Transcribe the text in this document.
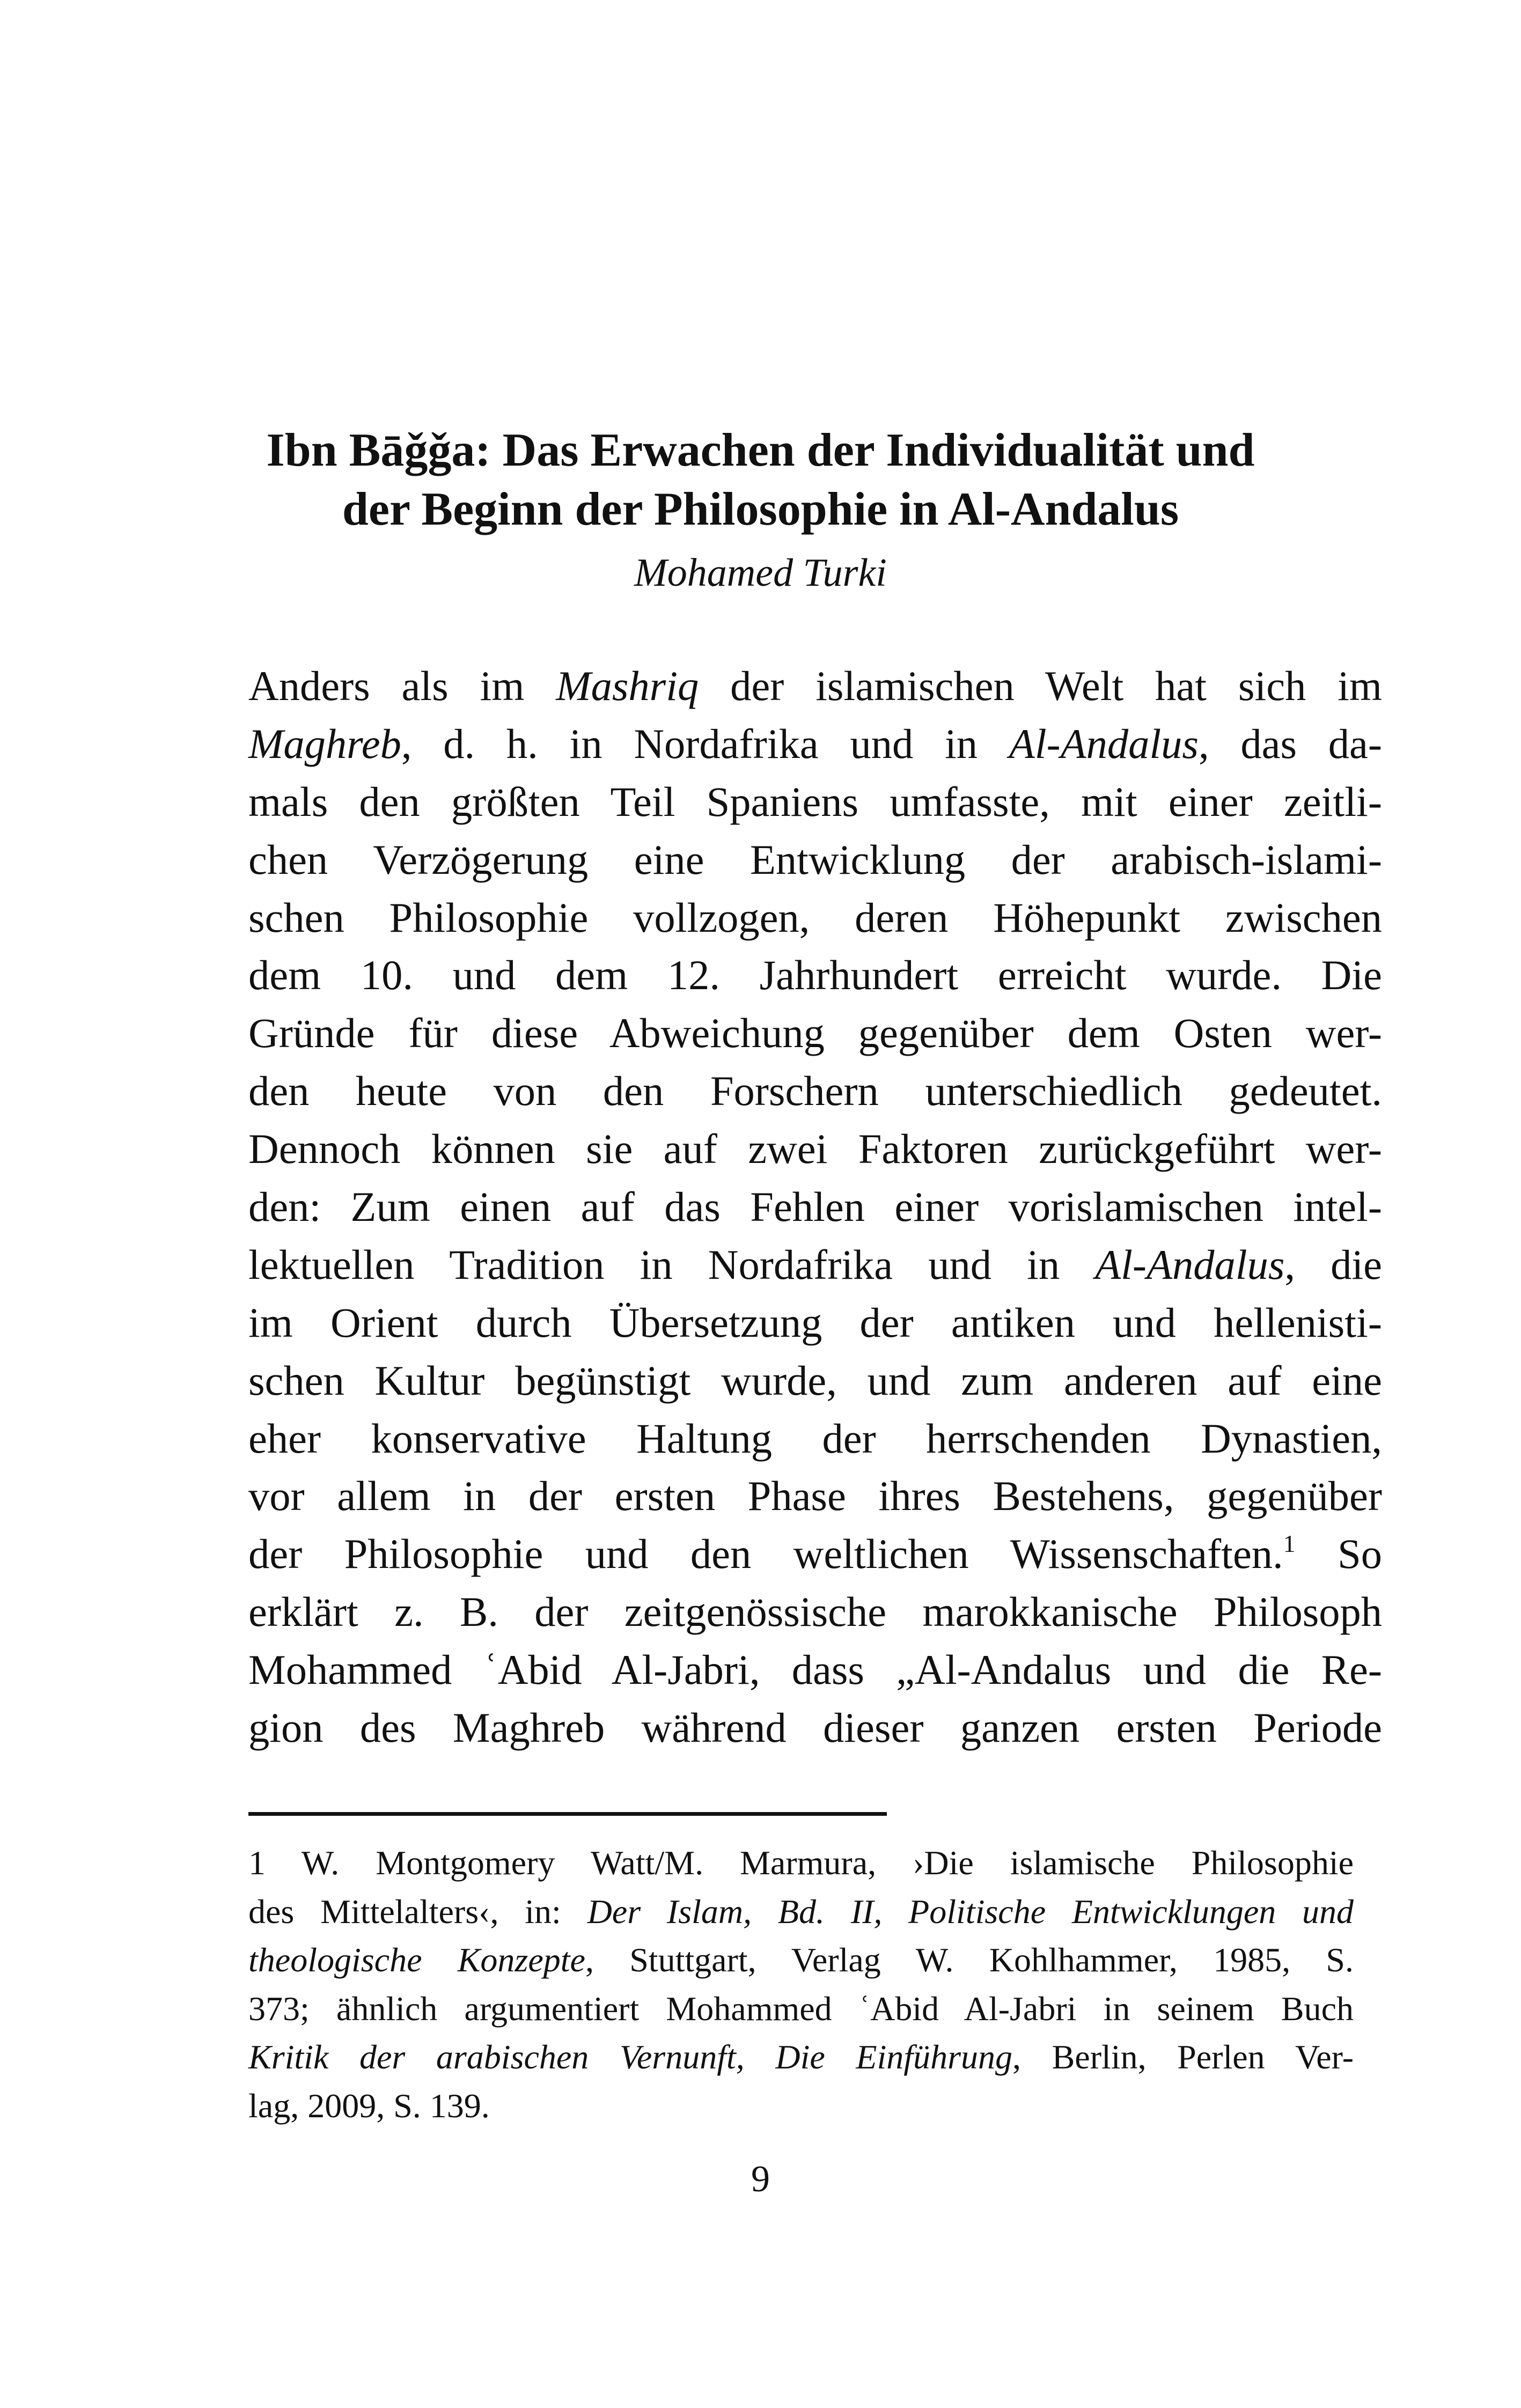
Ibn Bāǧǧa: Das Erwachen der Individualität und
der Beginn der Philosophie in Al-Andalus
Mohamed Turki
Anders als im Mashriq der islamischen Welt hat sich im
Maghreb, d. h. in Nordafrika und in Al-Andalus, das da-
mals den größten Teil Spaniens umfasste, mit einer zeitli-
chen Verzögerung eine Entwicklung der arabisch-islami-
schen Philosophie vollzogen, deren Höhepunkt zwischen
dem 10. und dem 12. Jahrhundert erreicht wurde. Die
Gründe für diese Abweichung gegenüber dem Osten wer-
den heute von den Forschern unterschiedlich gedeutet.
Dennoch können sie auf zwei Faktoren zurückgeführt wer-
den: Zum einen auf das Fehlen einer vorislamischen intel-
lektuellen Tradition in Nordafrika und in Al-Andalus, die
im Orient durch Übersetzung der antiken und hellenisti-
schen Kultur begünstigt wurde, und zum anderen auf eine
eher konservative Haltung der herrschenden Dynastien,
vor allem in der ersten Phase ihres Bestehens, gegenüber
der Philosophie und den weltlichen Wissenschaften.$^1$ So
erklärt z. B. der zeitgenössische marokkanische Philosoph
Mohammed ʿAbid Al-Jabri, dass „Al-Andalus und die Re-
gion des Maghreb während dieser ganzen ersten Periode
1 W. Montgomery Watt/M. Marmura, ›Die islamische Philosophie
des Mittelalters‹, in: Der Islam, Bd. II, Politische Entwicklungen und
theologische Konzepte, Stuttgart, Verlag W. Kohlhammer, 1985, S.
373; ähnlich argumentiert Mohammed ʿAbid Al-Jabri in seinem Buch
Kritik der arabischen Vernunft, Die Einführung, Berlin, Perlen Ver-
lag, 2009, S. 139.
9
